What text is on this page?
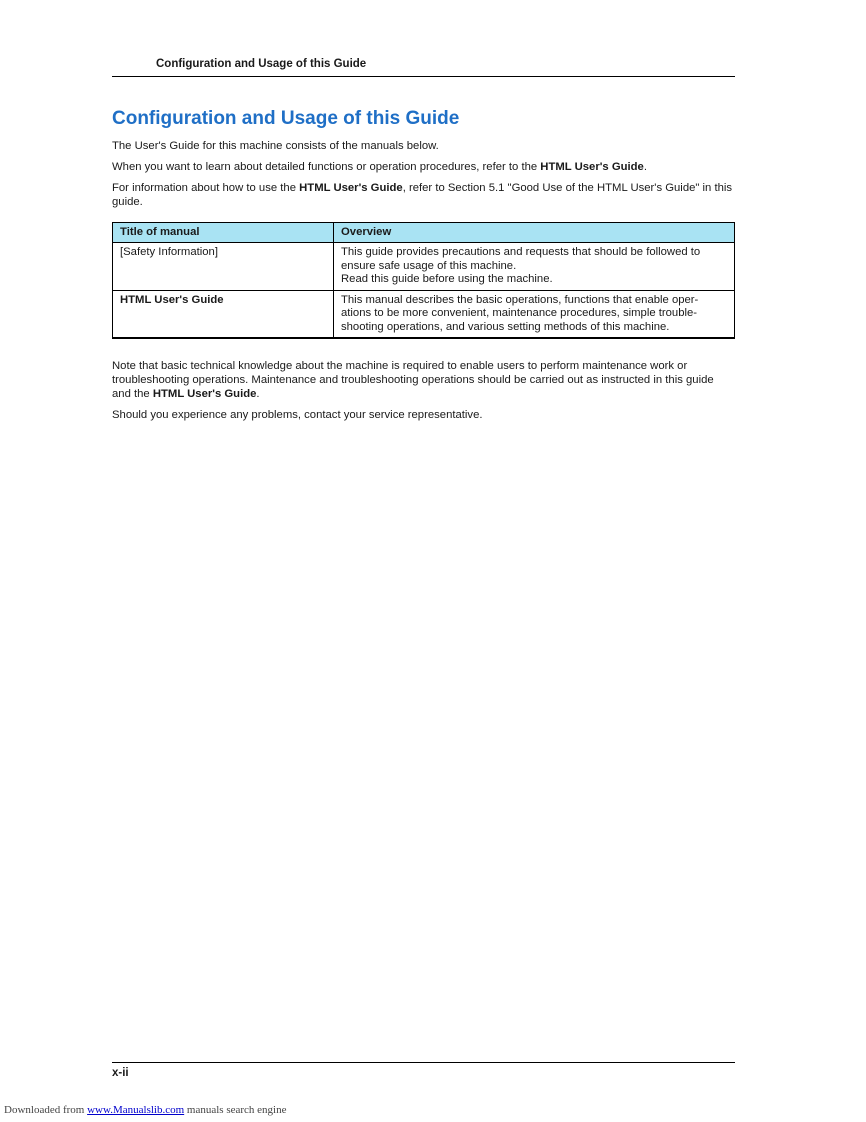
Configuration and Usage of this Guide
Configuration and Usage of this Guide

The User's Guide for this machine consists of the manuals below.

When you want to learn about detailed functions or operation procedures, refer to the HTML User's Guide.

For information about how to use the HTML User's Guide, refer to Section 5.1 "Good Use of the HTML User's Guide" in this guide.

Title of manual	Overview
[Safety Information]	This guide provides precautions and requests that should be followed to
ensure safe usage of this machine.
Read this guide before using the machine.

HTML User's Guide	This manual describes the basic operations, functions that enable oper-
ations to be more convenient, maintenance procedures, simple trouble-
shooting operations, and various setting methods of this machine.

Note that basic technical knowledge about the machine is required to enable users to perform maintenance work or troubleshooting operations. Maintenance and troubleshooting operations should be carried out as instructed in this guide and the HTML User's Guide.

Should you experience any problems, contact your service representative.

x-ii
Downloaded from www.Manualslib.com manuals search engine
